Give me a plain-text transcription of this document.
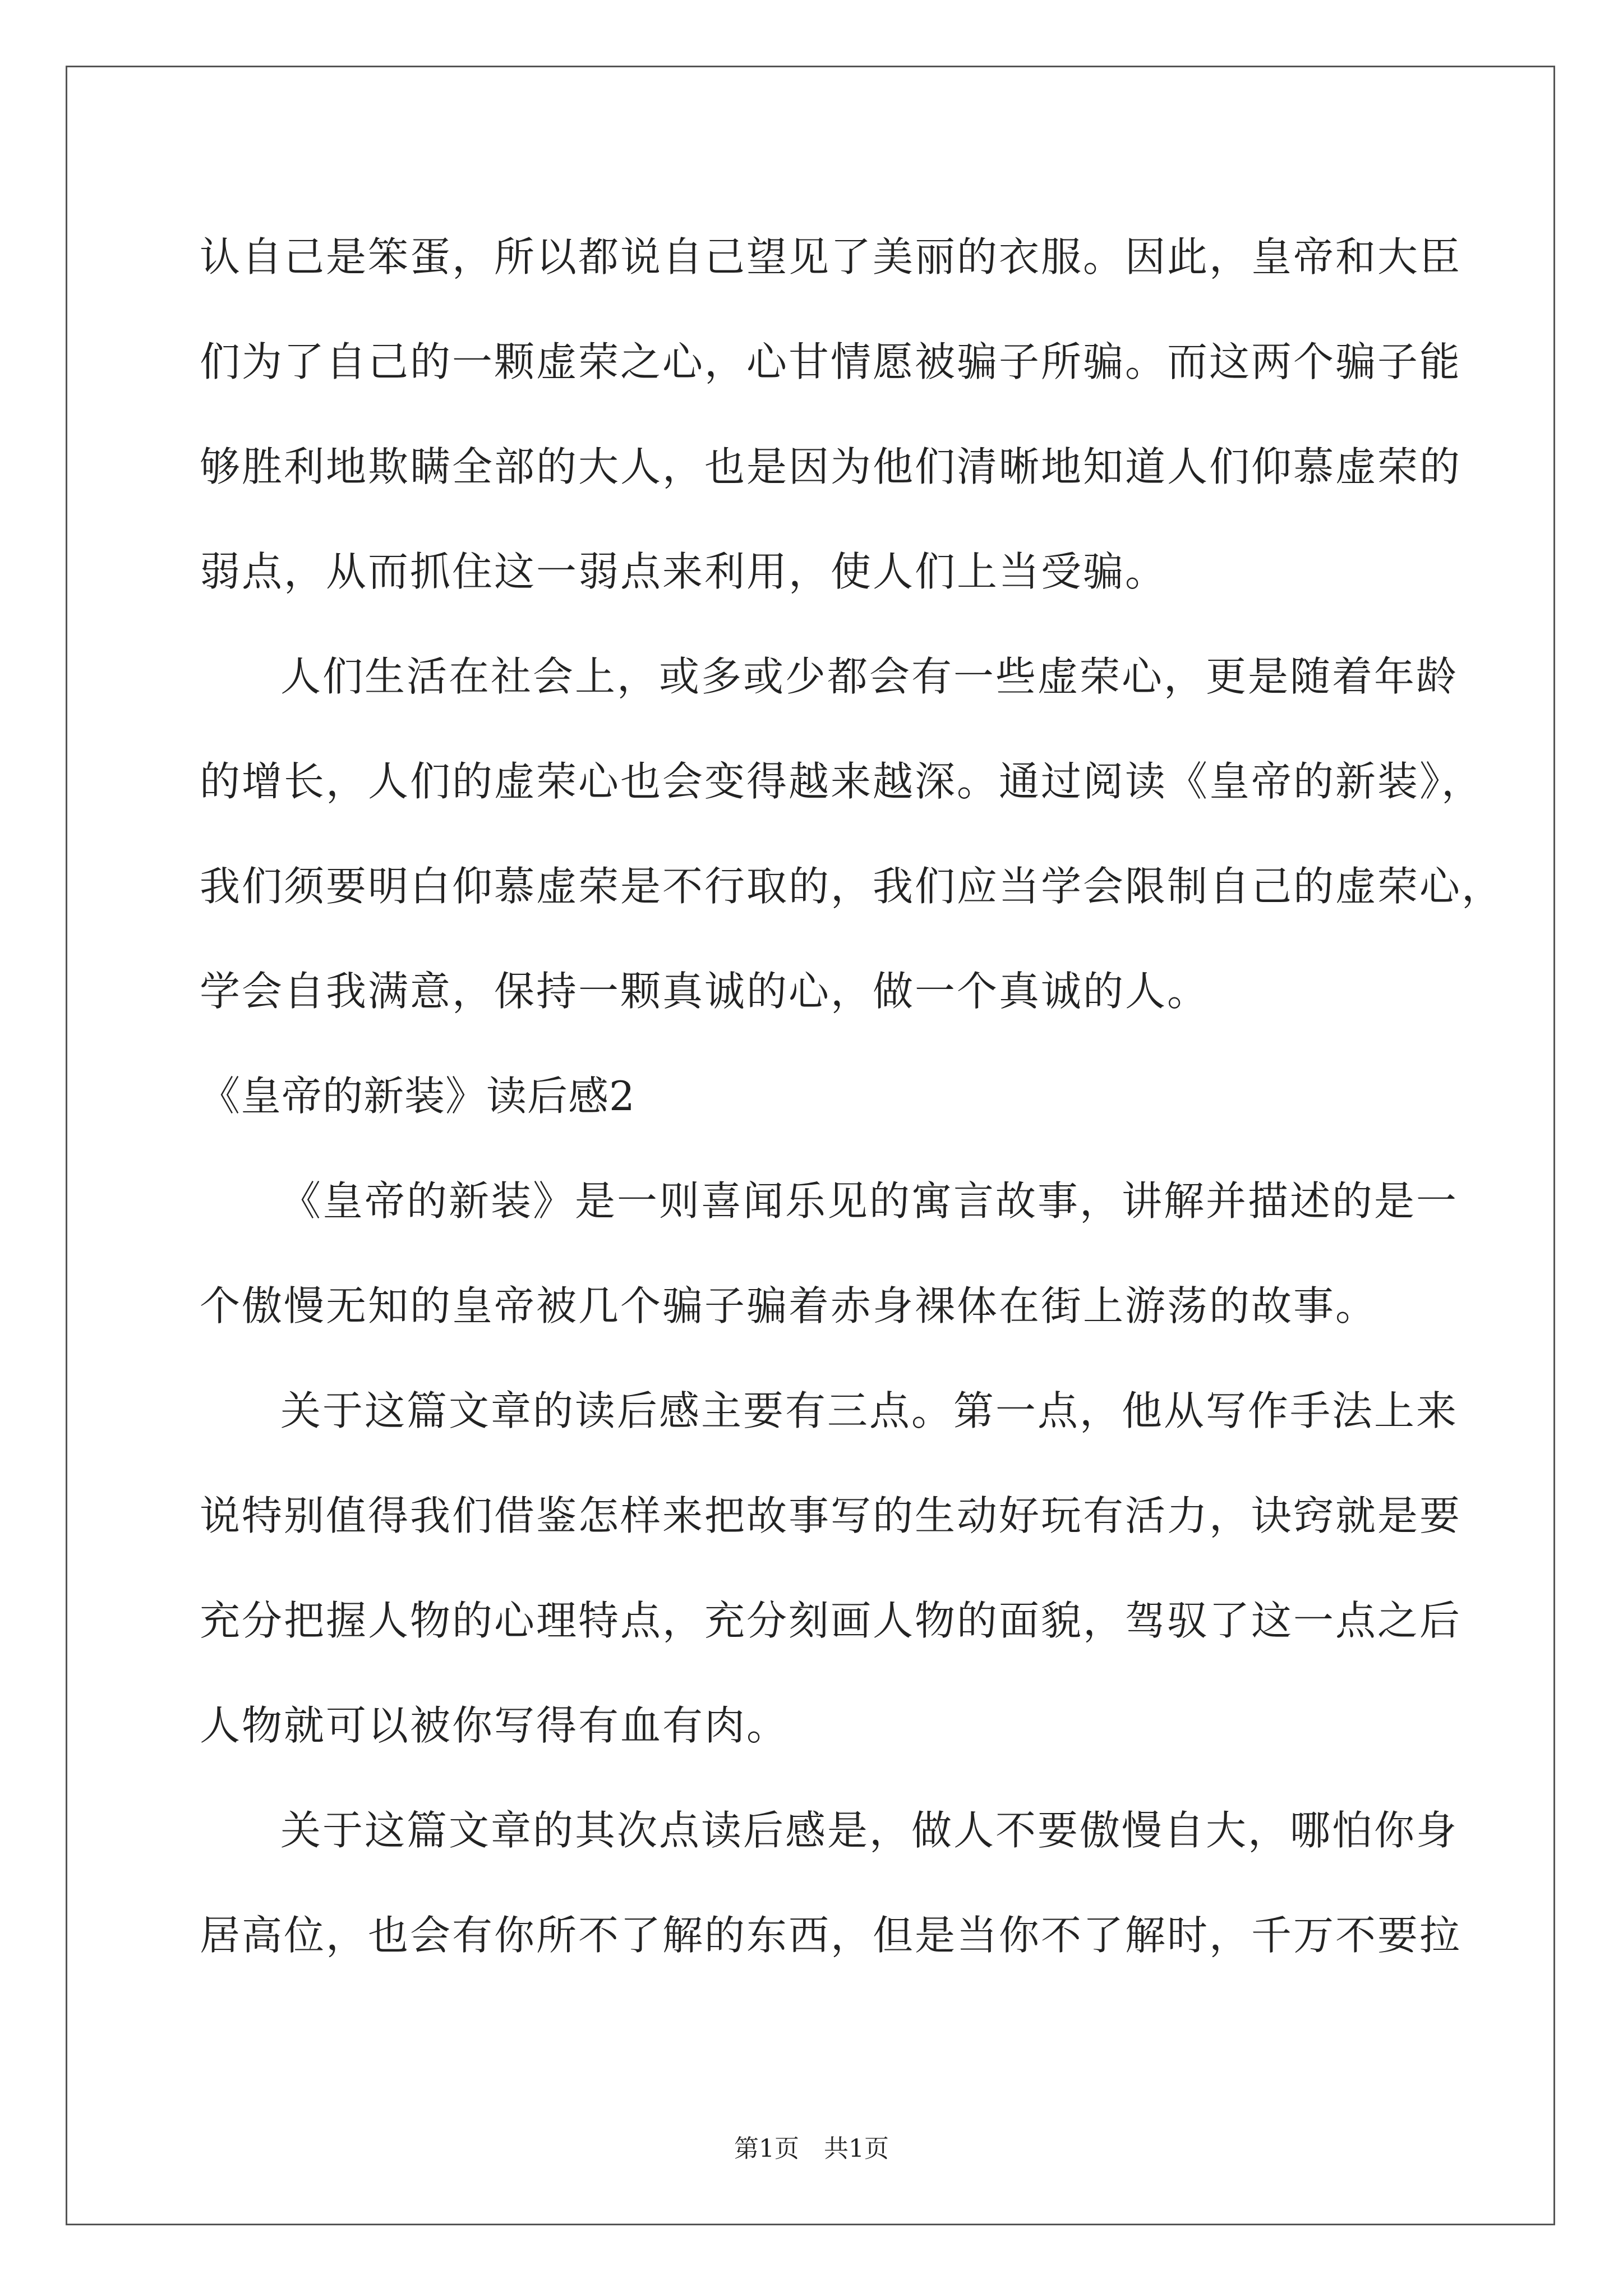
认自己是笨蛋，所以都说自己望见了美丽的衣服。因此，皇帝和大臣
们为了自己的一颗虚荣之心，心甘情愿被骗子所骗。而这两个骗子能
够胜利地欺瞒全部的大人，也是因为他们清晰地知道人们仰慕虚荣的
弱点，从而抓住这一弱点来利用，使人们上当受骗。
人们生活在社会上，或多或少都会有一些虚荣心，更是随着年龄
的增长，人们的虚荣心也会变得越来越深。通过阅读《皇帝的新装》，
我们须要明白仰慕虚荣是不行取的，我们应当学会限制自己的虚荣心，
学会自我满意，保持一颗真诚的心，做一个真诚的人。
《皇帝的新装》读后感2
《皇帝的新装》是一则喜闻乐见的寓言故事，讲解并描述的是一
个傲慢无知的皇帝被几个骗子骗着赤身裸体在街上游荡的故事。
关于这篇文章的读后感主要有三点。第一点，他从写作手法上来
说特别值得我们借鉴怎样来把故事写的生动好玩有活力，诀窍就是要
充分把握人物的心理特点，充分刻画人物的面貌，驾驭了这一点之后
人物就可以被你写得有血有肉。
关于这篇文章的其次点读后感是，做人不要傲慢自大，哪怕你身
居高位，也会有你所不了解的东西，但是当你不了解时，千万不要拉
第1页　共1页
